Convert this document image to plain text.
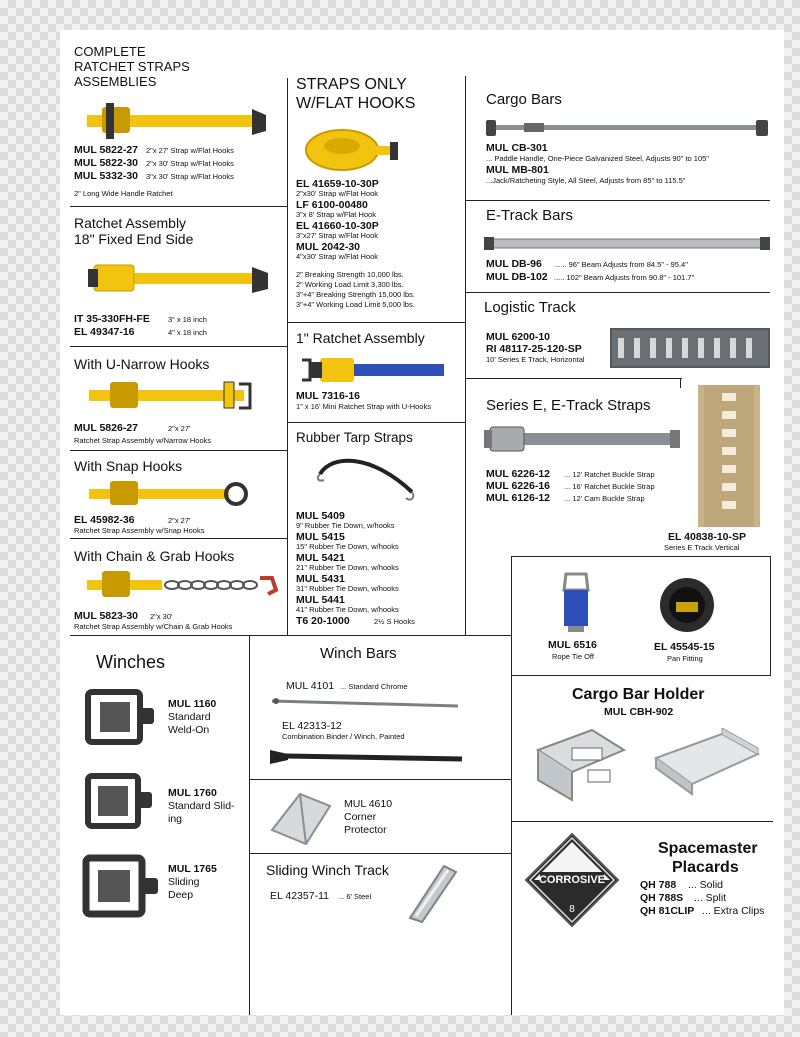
COMPLETE
RATCHET STRAPS
ASSEMBLIES
MUL 5822-27 2"x 27' Strap w/Flat Hooks
MUL 5822-30 2"x 30' Strap w/Flat Hooks
MUL 5332-30 3"x 30' Strap w/Flat Hooks
2" Long Wide Handle Ratchet
Ratchet Assembly
18" Fixed End Side
IT 35-330FH-FE 3" x 18 inch
EL 49347-16	4" x 18 inch
With U-Narrow Hooks
MUL 5826-27	2"x 27'
Ratchet Strap Assembly w/Narrow Hooks
With Snap Hooks
EL 45982-36	2"x 27'
Ratchet Strap Assembly w/Snap Hooks
With Chain & Grab Hooks
MUL 5823-30 2"x 30'
Ratchet Strap Assembly w/Chain & Grab Hooks
STRAPS ONLY
W/FLAT HOOKS
EL 41659-10-30P
2"x30' Strap w/Flat Hook
LF 6100-00480
3"x 8' Strap w/Flat Hook
EL 41660-10-30P
3"x27' Strap w/Flat Hook
MUL 2042-30
4"x30' Strap w/Flat Hook
2" Breaking Strength 10,000 lbs.
2" Working Load Limit 3,300 lbs.
3"+4" Breaking Strength 15,000 lbs.
3"+4" Working Load Limit 5,000 lbs.
1" Ratchet Assembly
MUL 7316-16
1" x 16' Mini Ratchet Strap with U-Hooks
Rubber Tarp Straps
MUL 5409
9" Rubber Tie Down, w/hooks
MUL 5415
15" Rubber Tie Down, w/hooks
MUL 5421
21" Rubber Tie Down, w/hooks
MUL 5431
31" Rubber Tie Down, w/hooks
MUL 5441
41" Rubber Tie Down, w/hooks
T6 20-1000	2½ S Hooks
Cargo Bars
MUL CB-301
... Paddle Handle, One-Piece Galvanized Steel, Adjusts 90" to 105"
MUL MB-801
...Jack/Ratcheting Style, All Steel, Adjusts from 85" to 115.5"
E-Track Bars
MUL DB-96 ...... 96" Beam Adjusts from 84.5" - 95.4"
MUL DB-102 ..... 102" Beam Adjusts from 90.8" - 101.7"
Logistic Track
MUL 6200-10
RI 48117-25-120-SP
10' Series E Track, Horizontal
Series E, E-Track Straps
MUL 6226-12 ... 12' Ratchet Buckle Strap
MUL 6226-16 ... 16' Ratchet Buckle Strap
MUL 6126-12 ... 12' Cam Buckle Strap
EL 40838-10-SP
Series E Track Vertical
MUL 6516
Rope Tie Off
EL 45545-15
Pan Fitting
Winches
MUL 1160
Standard
Weld-On
MUL 1760
Standard Slid-
ing
MUL 1765
Sliding
Deep
Winch Bars
MUL 4101 ... Standard Chrome
EL 42313-12
Combination Binder / Winch, Painted
MUL 4610
Corner
Protector
Sliding Winch Track
EL 42357-11 ... 6' Steel
Cargo Bar Holder
MUL CBH-902
CORROSIVE
8
Spacemaster
Placards
QH 788 ... Solid
QH 788S ... Split
QH 81CLIP ... Extra Clips
